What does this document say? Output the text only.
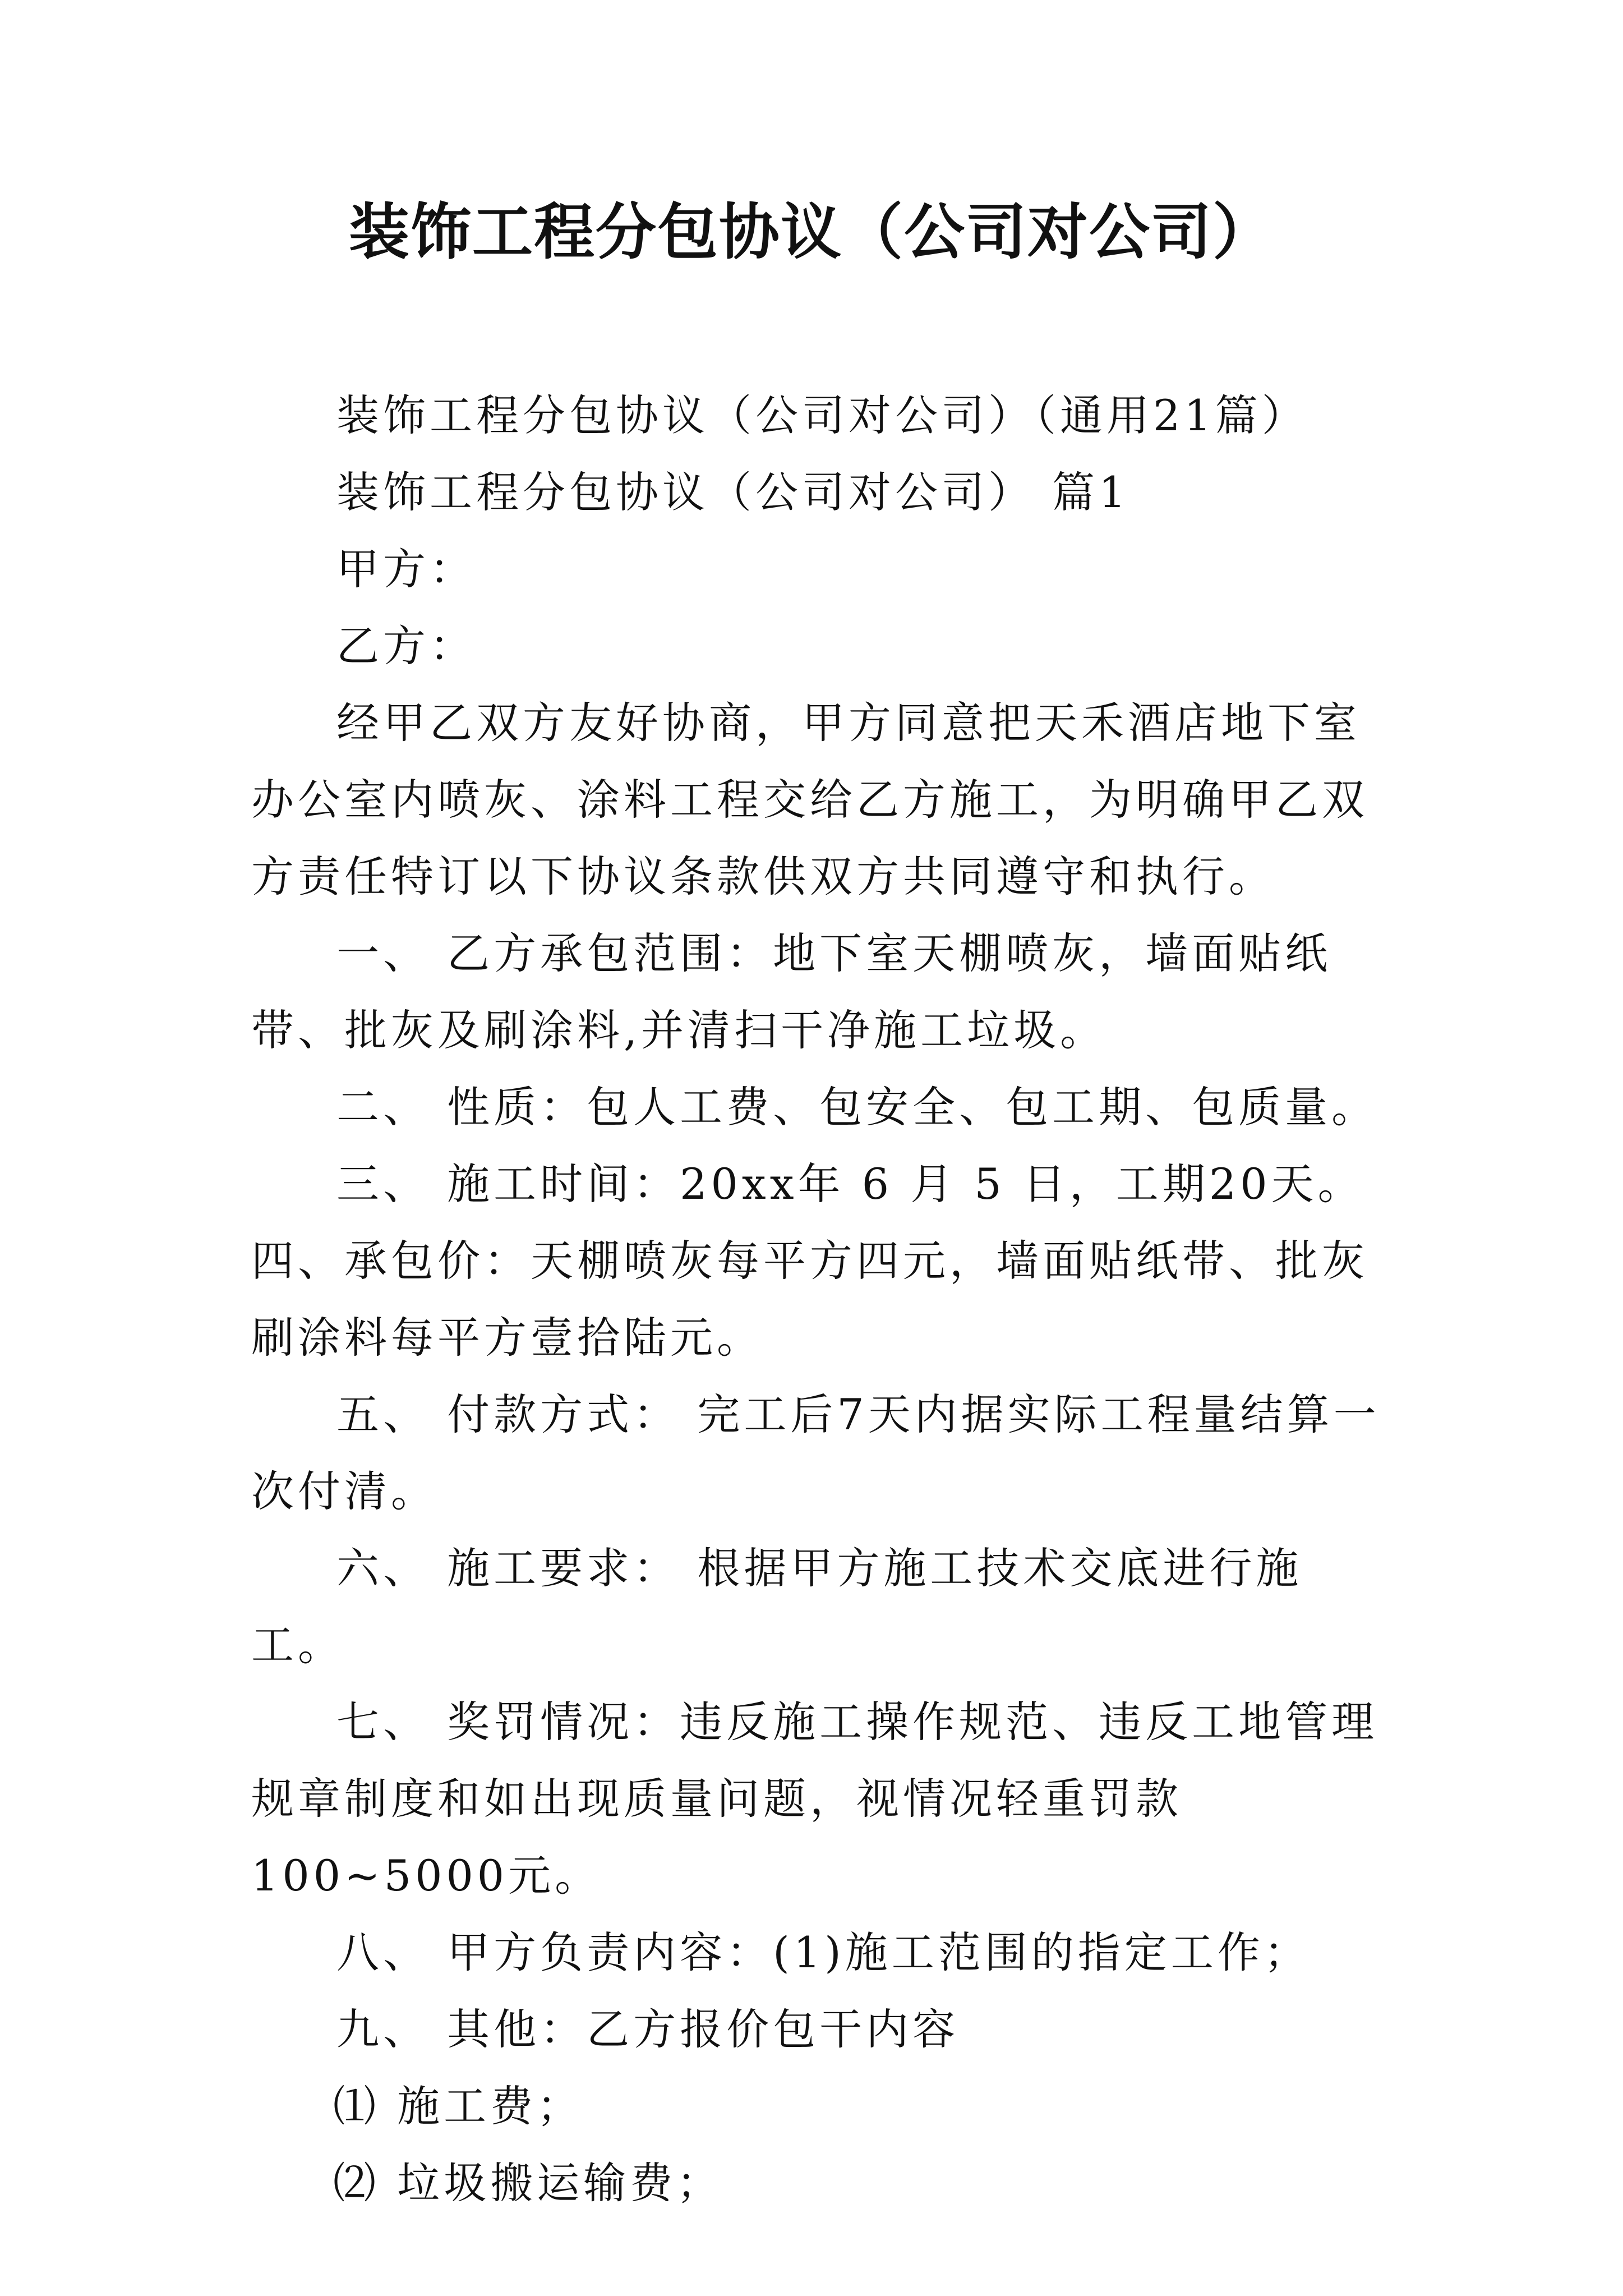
装饰工程分包协议（公司对公司）

装饰工程分包协议（公司对公司）（通用21篇）

装饰工程分包协议（公司对公司） 篇1

甲方：

乙方：

经甲乙双方友好协商，甲方同意把天禾酒店地下室办公室内喷灰、涂料工程交给乙方施工，为明确甲乙双方责任特订以下协议条款供双方共同遵守和执行。

一、 乙方承包范围：地下室天棚喷灰，墙面贴纸带、批灰及刷涂料,并清扫干净施工垃圾。

二、 性质：包人工费、包安全、包工期、包质量。

三、 施工时间：20xx年 6 月 5 日，工期20天。 四、承包价：天棚喷灰每平方四元，墙面贴纸带、批灰刷涂料每平方壹拾陆元。

五、 付款方式： 完工后7天内据实际工程量结算一次付清。

六、 施工要求： 根据甲方施工技术交底进行施工。

七、 奖罚情况：违反施工操作规范、违反工地管理规章制度和如出现质量问题，视情况轻重罚款100~5000元。

八、 甲方负责内容：(1)施工范围的指定工作；

九、 其他：乙方报价包干内容

⑴ 施工费；

⑵ 垃圾搬运输费；
